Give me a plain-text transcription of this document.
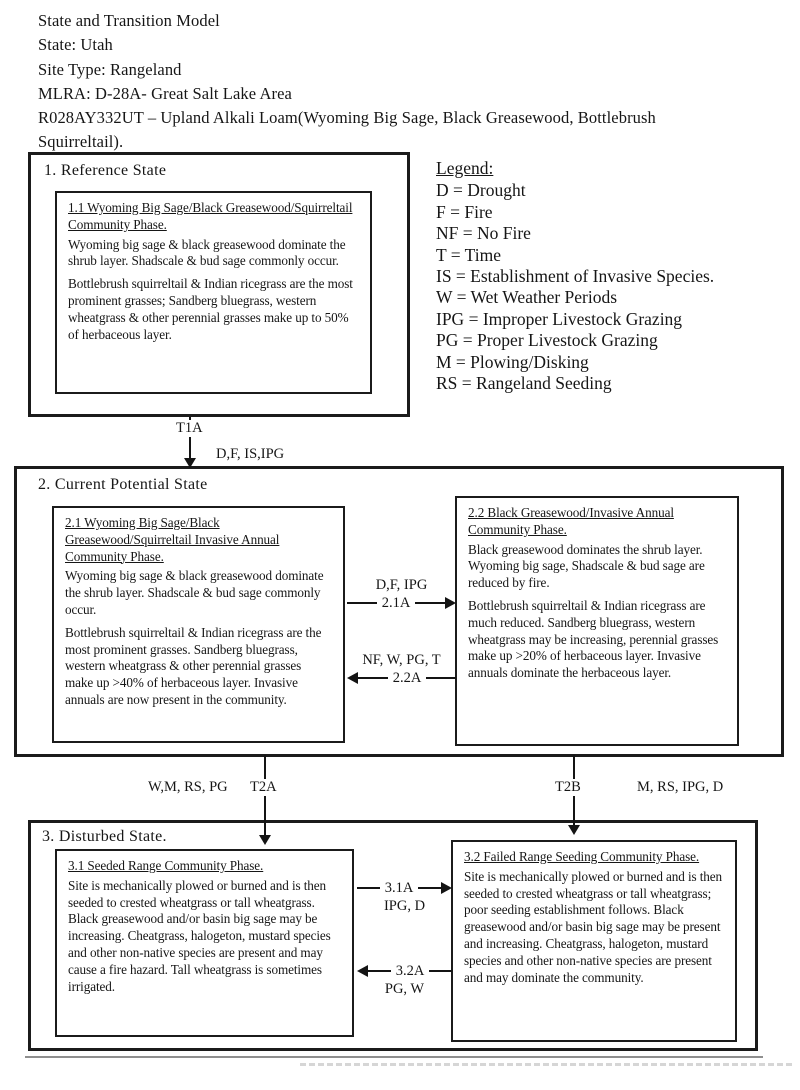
State and Transition Model
State: Utah
Site Type: Rangeland
MLRA: D-28A- Great Salt Lake Area
R028AY332UT – Upland Alkali Loam(Wyoming Big Sage, Black Greasewood, Bottlebrush Squirreltail).
Legend:
D = Drought
F = Fire
NF = No Fire
T = Time
IS = Establishment of Invasive Species.
W = Wet Weather Periods
IPG = Improper Livestock Grazing
PG = Proper Livestock Grazing
M = Plowing/Disking
RS = Rangeland Seeding
1. Reference State
1.1 Wyoming Big Sage/Black Greasewood/Squirreltail Community Phase.

Wyoming big sage & black greasewood dominate the shrub layer. Shadscale & bud sage commonly occur.

Bottlebrush squirreltail & Indian ricegrass are the most prominent grasses; Sandberg bluegrass, western wheatgrass & other perennial grasses make up to 50% of herbaceous layer.

T1A
D,F, IS,IPG
2. Current Potential State
2.1 Wyoming Big Sage/Black Greasewood/Squirreltail Invasive Annual Community Phase.

Wyoming big sage & black greasewood dominate the shrub layer. Shadscale & bud sage commonly occur.

Bottlebrush squirreltail & Indian ricegrass are the most prominent grasses. Sandberg bluegrass, western wheatgrass & other perennial grasses make up >40% of herbaceous layer. Invasive annuals are now present in the community.

2.2 Black Greasewood/Invasive Annual Community Phase.

Black greasewood dominates the shrub layer. Wyoming big sage, Shadscale & bud sage are reduced by fire.

Bottlebrush squirreltail & Indian ricegrass are much reduced. Sandberg bluegrass, western wheatgrass may be increasing, perennial grasses make up >20% of herbaceous layer. Invasive annuals dominate the herbaceous layer.

D,F, IPG
2.1A
NF, W, PG, T
2.2A
W,M, RS, PG T2A	T2B	M, RS, IPG, D
3. Disturbed State.
3.1 Seeded Range Community Phase.

Site is mechanically plowed or burned and is then seeded to crested wheatgrass or tall wheatgrass. Black greasewood and/or basin big sage may be increasing. Cheatgrass, halogeton, mustard species and other non-native species are present and may cause a fire hazard. Tall wheatgrass is sometimes irrigated.

3.2 Failed Range Seeding Community Phase.

Site is mechanically plowed or burned and is then seeded to crested wheatgrass or tall wheatgrass; poor seeding establishment follows. Black greasewood and/or basin big sage may be present and increasing. Cheatgrass, halogeton, mustard species and other non-native species are present and may dominate the community.

3.1A
IPG, D
3.2A
PG, W
